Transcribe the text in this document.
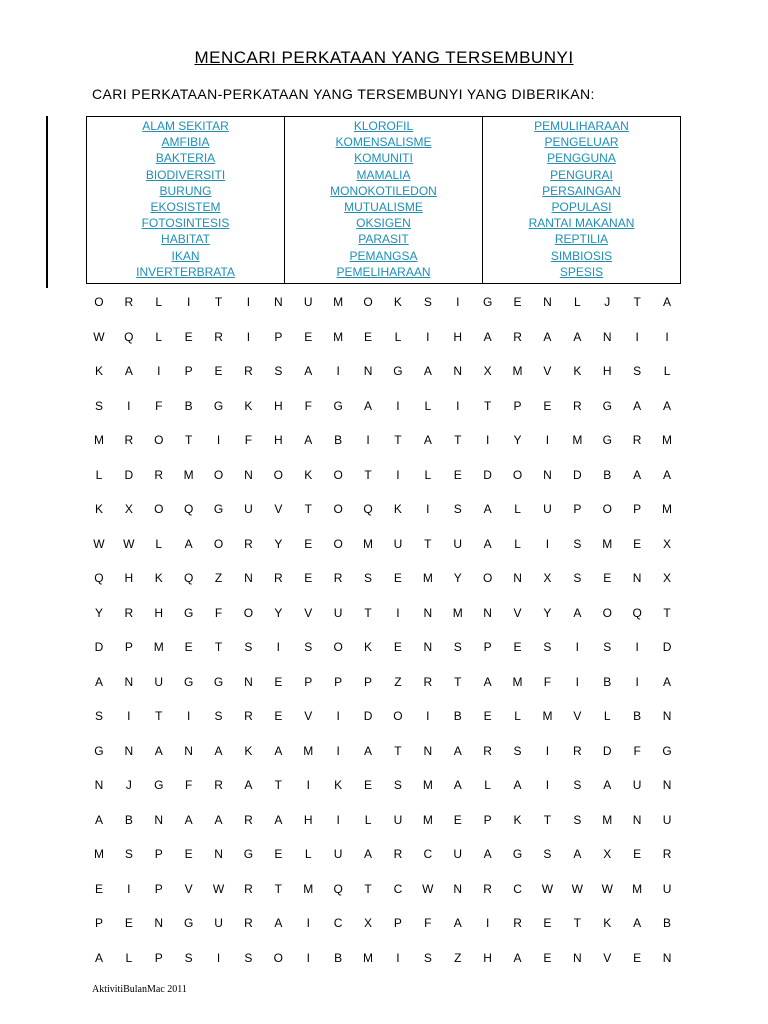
MENCARI PERKATAAN YANG TERSEMBUNYI
CARI PERKATAAN-PERKATAAN YANG TERSEMBUNYI YANG DIBERIKAN:
ALAM SEKITAR
AMFIBIA
BAKTERIA
BIODIVERSITI
BURUNG
EKOSISTEM
FOTOSINTESIS
HABITAT
IKAN
INVERTERBRATA
KLOROFIL
KOMENSALISME
KOMUNITI
MAMALIA
MONOKOTILEDON
MUTUALISME
OKSIGEN
PARASIT
PEMANGSA
PEMELIHARAAN
PEMULIHARAAN
PENGELUAR
PENGGUNA
PENGURAI
PERSAINGAN
POPULASI
RANTAI MAKANAN
REPTILIA
SIMBIOSIS
SPESIS
O	R	L	I	T	I	N	U	M	O	K	S	I	G	E	N	L	J	T	A
W	Q	L	E	R	I	P	E	M	E	L	I	H	A	R	A	A	N	I	I
K	A	I	P	E	R	S	A	I	N	G	A	N	X	M	V	K	H	S	L
S	I	F	B	G	K	H	F	G	A	I	L	I	T	P	E	R	G	A	A
M	R	O	T	I	F	H	A	B	I	T	A	T	I	Y	I	M	G	R	M
L	D	R	M	O	N	O	K	O	T	I	L	E	D	O	N	D	B	A	A
K	X	O	Q	G	U	V	T	O	Q	K	I	S	A	L	U	P	O	P	M
W	W	L	A	O	R	Y	E	O	M	U	T	U	A	L	I	S	M	E	X
Q	H	K	Q	Z	N	R	E	R	S	E	M	Y	O	N	X	S	E	N	X
Y	R	H	G	F	O	Y	V	U	T	I	N	M	N	V	Y	A	O	Q	T
D	P	M	E	T	S	I	S	O	K	E	N	S	P	E	S	I	S	I	D
A	N	U	G	G	N	E	P	P	P	Z	R	T	A	M	F	I	B	I	A
S	I	T	I	S	R	E	V	I	D	O	I	B	E	L	M	V	L	B	N
G	N	A	N	A	K	A	M	I	A	T	N	A	R	S	I	R	D	F	G
N	J	G	F	R	A	T	I	K	E	S	M	A	L	A	I	S	A	U	N
A	B	N	A	A	R	A	H	I	L	U	M	E	P	K	T	S	M	N	U
M	S	P	E	N	G	E	L	U	A	R	C	U	A	G	S	A	X	E	R
E	I	P	V	W	R	T	M	Q	T	C	W	N	R	C	W	W	W	M	U
P	E	N	G	U	R	A	I	C	X	P	F	A	I	R	E	T	K	A	B
A	L	P	S	I	S	O	I	B	M	I	S	Z	H	A	E	N	V	E	N
AktivitiBulanMac 2011
